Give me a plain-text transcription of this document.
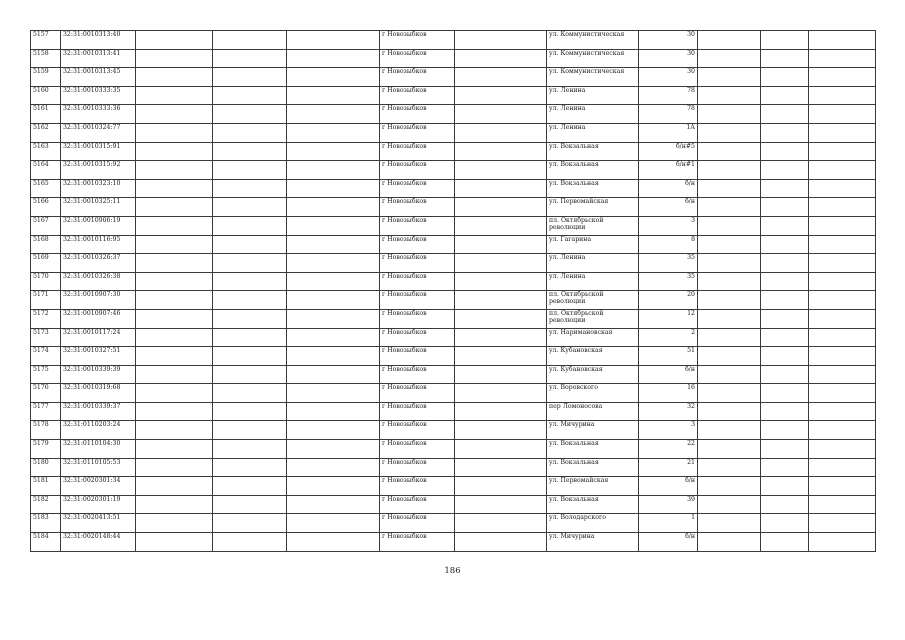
5157	32:31:0010313:40				г Новозыбков		ул. Коммунистическая	30			
5158	32:31:0010313:41				г Новозыбков		ул. Коммунистическая	30			
5159	32:31:0010313:45				г Новозыбков		ул. Коммунистическая	30			
5160	32:31:0010333:35				г Новозыбков		ул. Ленина	78			
5161	32:31:0010333:36				г Новозыбков		ул. Ленина	78			
5162	32:31:0010324:77				г Новозыбков		ул. Ленина	1А			
5163	32:31:0010315:91				г Новозыбков		ул. Вокзальная	б/н#5			
5164	32:31:0010315:92				г Новозыбков		ул. Вокзальная	б/н#1			
5165	32:31:0010323:10				г Новозыбков		ул. Вокзальная	б/н			
5166	32:31:0010325:11				г Новозыбков		ул. Первомайская	б/н			
5167	32:31:0010906:19				г Новозыбков		пл. Октябрьской революции	3			
5168	32:31:0010116:95				г Новозыбков		ул. Гагарина	8			
5169	32:31:0010326:37				г Новозыбков		ул. Ленина	35			
5170	32:31:0010326:38				г Новозыбков		ул. Ленина	35			
5171	32:31:0010907:30				г Новозыбков		пл. Октябрьской революции	20			
5172	32:31:0010907:46				г Новозыбков		пл. Октябрьской революции	12			
5173	32:31:0010117:24				г Новозыбков		ул. Наримановская	2			
5174	32:31:0010327:51				г Новозыбков		ул. Кубановская	51			
5175	32:31:0010339:39				г Новозыбков		ул. Кубановская	б/н			
5176	32:31:0010319:68				г Новозыбков		ул. Воровского	16			
5177	32:31:0010339:37				г Новозыбков		пер Ломоносова	32			
5178	32:31:0110203:24				г Новозыбков		ул. Мичурина	3			
5179	32:31:0110104:30				г Новозыбков		ул. Вокзальная	22			
5180	32:31:0110105:53				г Новозыбков		ул. Вокзальная	21			
5181	32:31:0020301:34				г Новозыбков		ул. Первомайская	б/н			
5182	32:31:0020301:19				г Новозыбков		ул. Вокзальная	39			
5183	32:31:0020413:51				г Новозыбков		ул. Володарского	1			
5184	32:31:0020148:44				г Новозыбков		ул. Мичурина	б/н			
186
